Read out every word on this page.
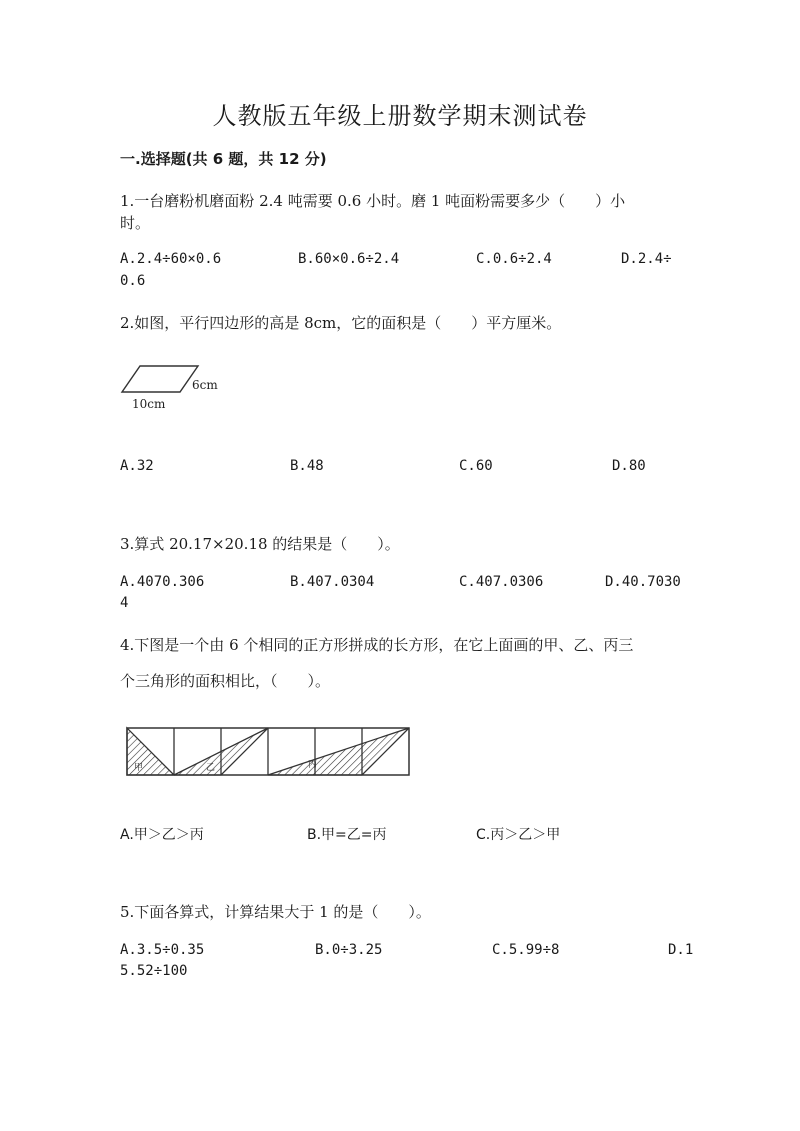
人教版五年级上册数学期末测试卷
一.选择题(共 6 题，共 12 分)
1.一台磨粉机磨面粉 2.4 吨需要 0.6 小时。磨 1 吨面粉需要多少（　　）小
时。
A.2.4÷60×0.6	B.60×0.6÷2.4	C.0.6÷2.4	D.2.4÷
0.6
2.如图，平行四边形的高是 8cm，它的面积是（　　）平方厘米。
6cm
10cm
A.32	B.48	C.60	D.80
3.算式 20.17×20.18 的结果是（　　）。
A.4070.306	B.407.0304	C.407.0306	D.40.7030
4
4.下图是一个由 6 个相同的正方形拼成的长方形，在它上面画的甲、乙、丙三
个三角形的面积相比，（　　）。
甲	乙	丙
A.甲＞乙＞丙	B.甲=乙=丙	C.丙＞乙＞甲
5.下面各算式，计算结果大于 1 的是（　　）。
A.3.5÷0.35	B.0÷3.25	C.5.99÷8	D.1
5.52÷100
